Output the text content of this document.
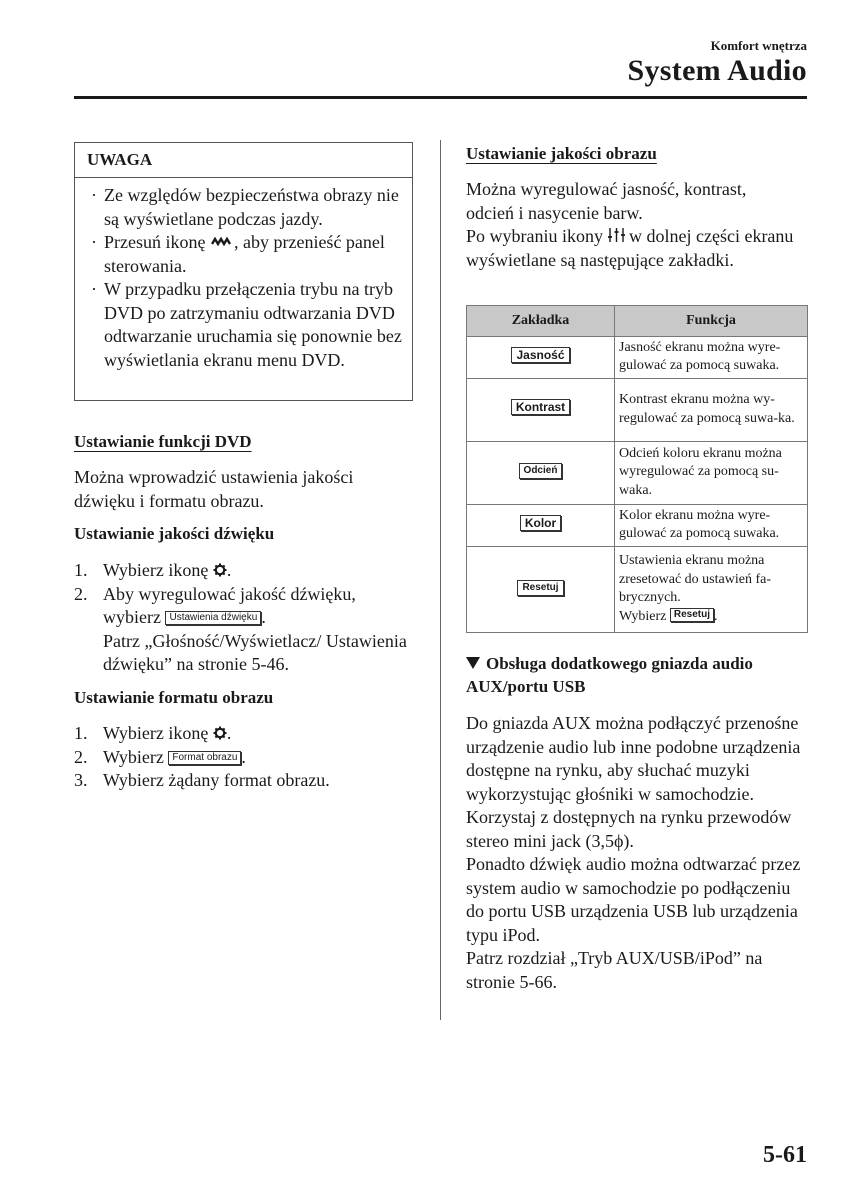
Komfort wnętrza
System Audio
UWAGA
· Ze względów bezpieczeństwa obrazy nie są wyświetlane podczas jazdy.
· Przesuń ikonę , aby przenieść panel sterowania.
· W przypadku przełączenia trybu na tryb DVD po zatrzymaniu odtwarzania DVD odtwarzanie uruchamia się ponownie bez wyświetlania ekranu menu DVD.
Ustawianie funkcji DVD
Można wprowadzić ustawienia jakości dźwięku i formatu obrazu.
Ustawianie jakości dźwięku
1. Wybierz ikonę .
2. Aby wyregulować jakość dźwięku, wybierz Ustawienia dźwięku .
Patrz „Głośność/Wyświetlacz/ Ustawienia dźwięku” na stronie 5-46.
Ustawianie formatu obrazu
1. Wybierz ikonę .
2. Wybierz Format obrazu .
3. Wybierz żądany format obrazu.
Ustawianie jakości obrazu
Można wyregulować jasność, kontrast, odcień i nasycenie barw.
Po wybraniu ikony w dolnej części ekranu wyświetlane są następujące zakładki.
Zakładka	Funkcja
Jasność	Jasność ekranu można wyre-gulować za pomocą suwaka.
Kontrast	Kontrast ekranu można wy-regulować za pomocą suwa-ka.
Odcień	Odcień koloru ekranu można wyregulować za pomocą su-waka.
Kolor	Kolor ekranu można wyre-gulować za pomocą suwaka.
Resetuj	Ustawienia ekranu można zresetować do ustawień fa-brycznych.
Wybierz Resetuj .
Obsługa dodatkowego gniazda audio AUX/portu USB
Do gniazda AUX można podłączyć przenośne urządzenie audio lub inne podobne urządzenia dostępne na rynku, aby słuchać muzyki wykorzystując głośniki w samochodzie.
Korzystaj z dostępnych na rynku przewodów stereo mini jack (3,5ϕ).
Ponadto dźwięk audio można odtwarzać przez system audio w samochodzie po podłączeniu do portu USB urządzenia USB lub urządzenia typu iPod.
Patrz rozdział „Tryb AUX/USB/iPod” na stronie 5-66.
5-61
